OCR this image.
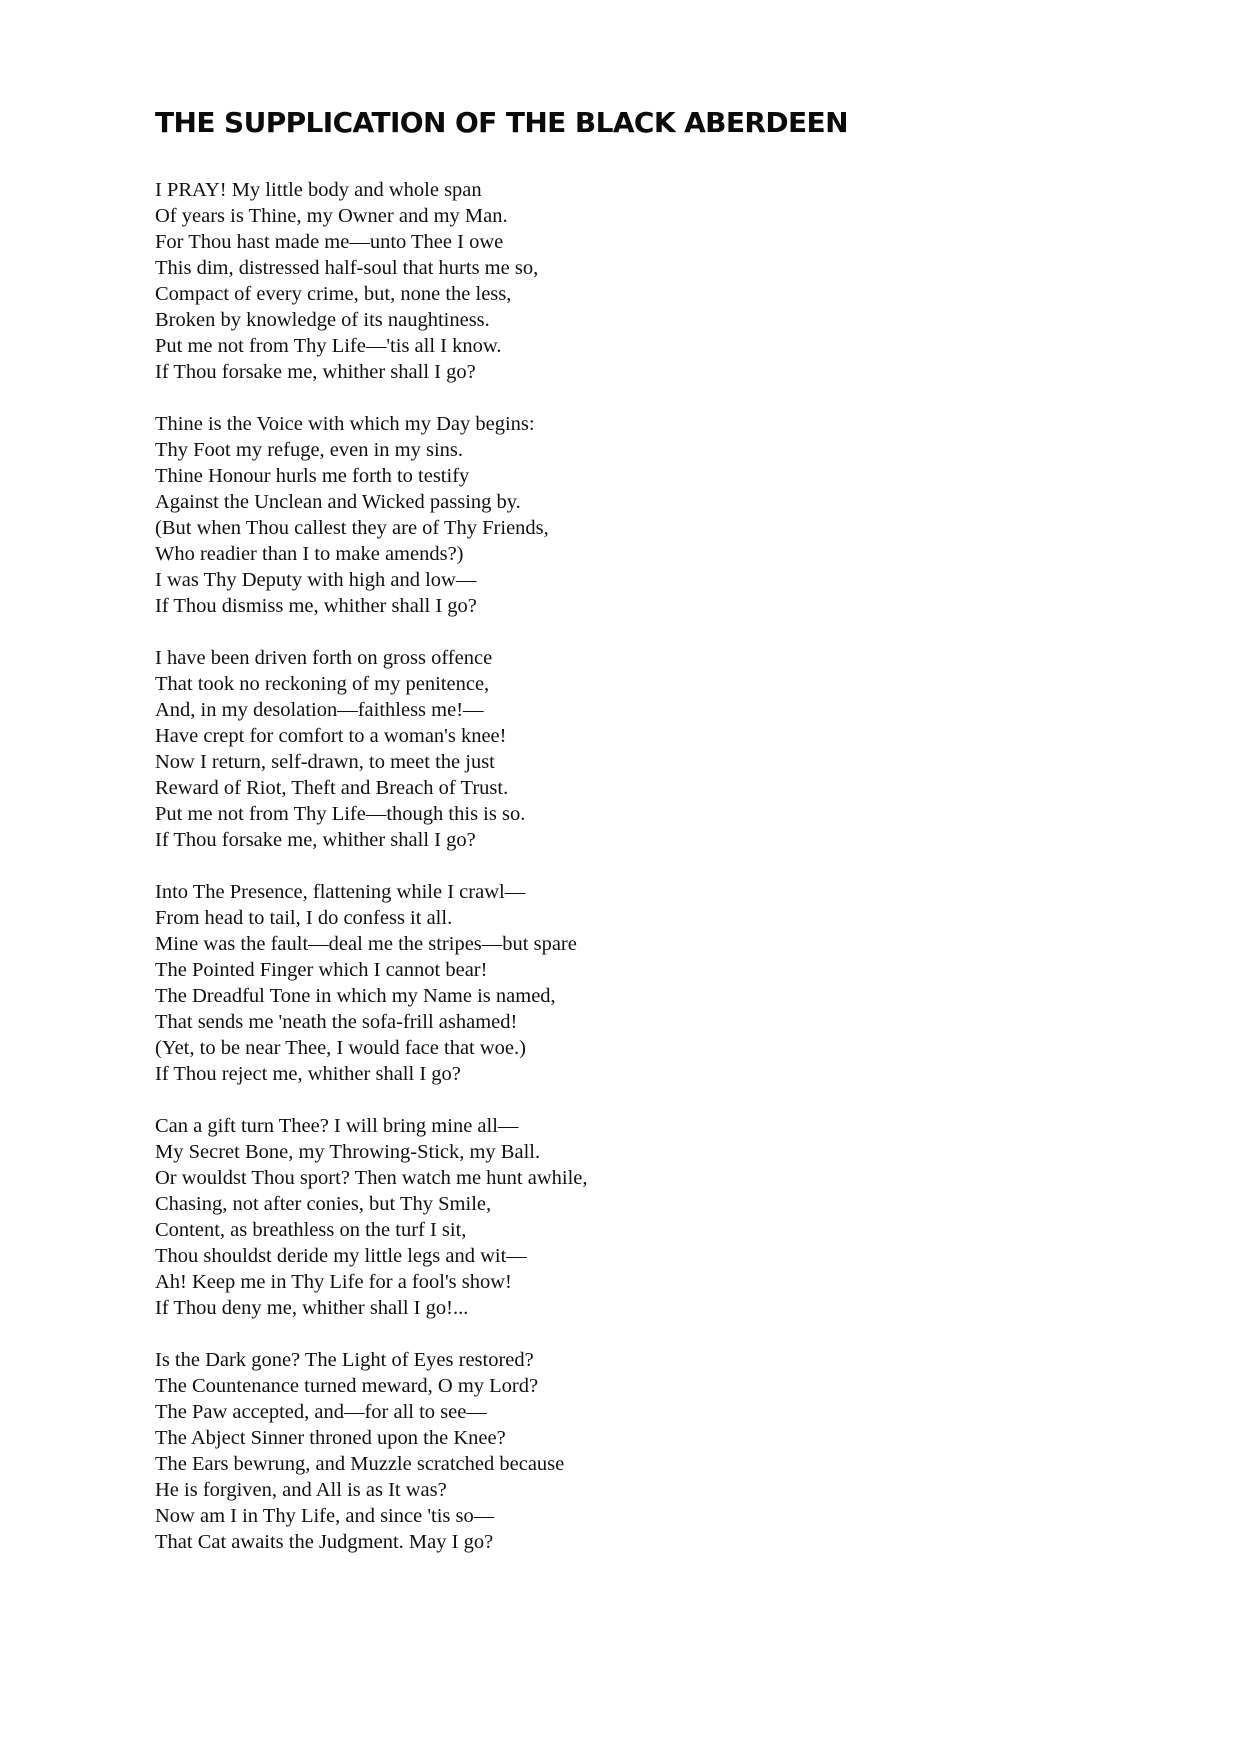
THE SUPPLICATION OF THE BLACK ABERDEEN
I PRAY! My little body and whole span
Of years is Thine, my Owner and my Man.
For Thou hast made me—unto Thee I owe
This dim, distressed half-soul that hurts me so,
Compact of every crime, but, none the less,
Broken by knowledge of its naughtiness.
Put me not from Thy Life—'tis all I know.
If Thou forsake me, whither shall I go?
Thine is the Voice with which my Day begins:
Thy Foot my refuge, even in my sins.
Thine Honour hurls me forth to testify
Against the Unclean and Wicked passing by.
(But when Thou callest they are of Thy Friends,
Who readier than I to make amends?)
I was Thy Deputy with high and low—
If Thou dismiss me, whither shall I go?
I have been driven forth on gross offence
That took no reckoning of my penitence,
And, in my desolation—faithless me!—
Have crept for comfort to a woman's knee!
Now I return, self-drawn, to meet the just
Reward of Riot, Theft and Breach of Trust.
Put me not from Thy Life—though this is so.
If Thou forsake me, whither shall I go?
Into The Presence, flattening while I crawl—
From head to tail, I do confess it all.
Mine was the fault—deal me the stripes—but spare
The Pointed Finger which I cannot bear!
The Dreadful Tone in which my Name is named,
That sends me 'neath the sofa-frill ashamed!
(Yet, to be near Thee, I would face that woe.)
If Thou reject me, whither shall I go?
Can a gift turn Thee? I will bring mine all—
My Secret Bone, my Throwing-Stick, my Ball.
Or wouldst Thou sport? Then watch me hunt awhile,
Chasing, not after conies, but Thy Smile,
Content, as breathless on the turf I sit,
Thou shouldst deride my little legs and wit—
Ah! Keep me in Thy Life for a fool's show!
If Thou deny me, whither shall I go!...
Is the Dark gone? The Light of Eyes restored?
The Countenance turned meward, O my Lord?
The Paw accepted, and—for all to see—
The Abject Sinner throned upon the Knee?
The Ears bewrung, and Muzzle scratched because
He is forgiven, and All is as It was?
Now am I in Thy Life, and since 'tis so—
That Cat awaits the Judgment. May I go?
